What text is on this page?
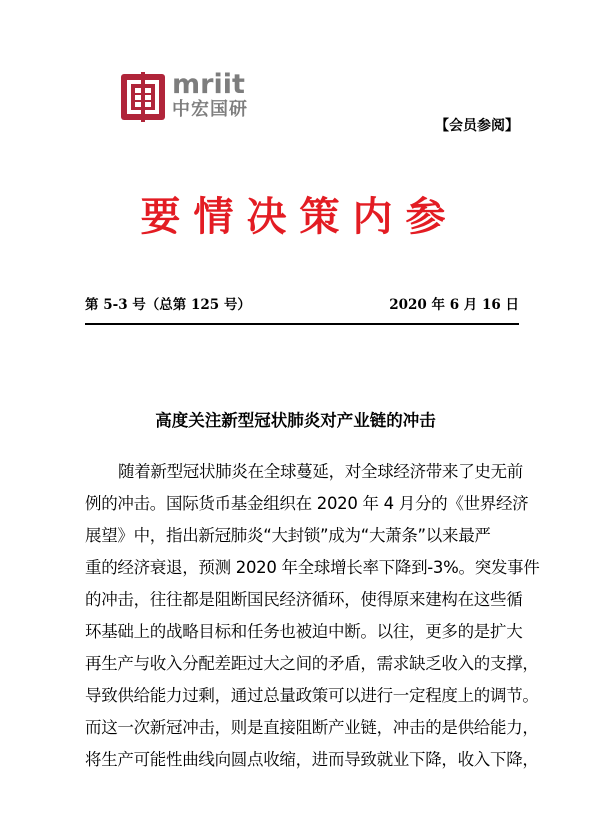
mriit
中宏国研
【会员参阅】
要情决策内参
第 5-3 号（总第 125 号）	2020 年 6 月 16 日
高度关注新型冠状肺炎对产业链的冲击
随着新型冠状肺炎在全球蔓延，对全球经济带来了史无前
例的冲击。国际货币基金组织在 2020 年 4 月分的《世界经济
展望》中，指出新冠肺炎“大封锁”成为“大萧条”以来最严
重的经济衰退，预测 2020 年全球增长率下降到-3%。突发事件
的冲击，往往都是阻断国民经济循环，使得原来建构在这些循
环基础上的战略目标和任务也被迫中断。以往，更多的是扩大
再生产与收入分配差距过大之间的矛盾，需求缺乏收入的支撑，
导致供给能力过剩，通过总量政策可以进行一定程度上的调节。
而这一次新冠冲击，则是直接阻断产业链，冲击的是供给能力，
将生产可能性曲线向圆点收缩，进而导致就业下降，收入下降，
